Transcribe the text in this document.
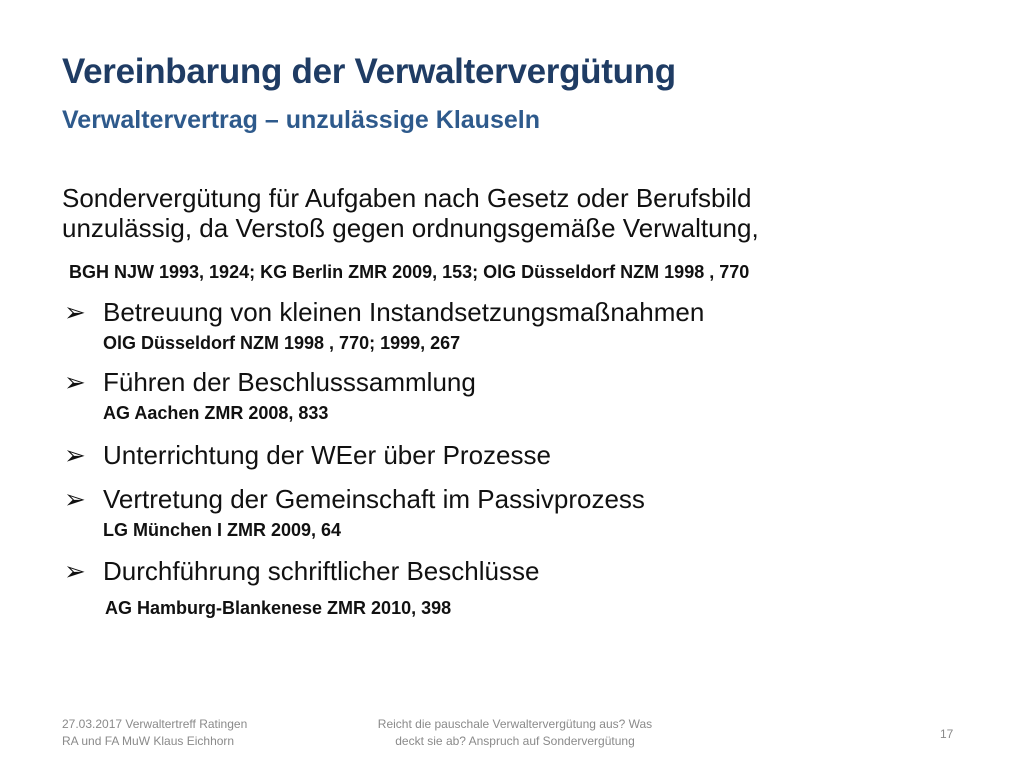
Vereinbarung der Verwaltervergütung
Verwaltervertrag – unzulässige Klauseln
Sondervergütung für Aufgaben nach Gesetz oder Berufsbild
unzulässig, da Verstoß gegen ordnungsgemäße Verwaltung,
BGH NJW 1993, 1924; KG Berlin ZMR 2009, 153; OlG Düsseldorf NZM 1998 , 770
➢ Betreuung von kleinen Instandsetzungsmaßnahmen
OlG Düsseldorf NZM 1998 , 770; 1999, 267
➢ Führen der Beschlusssammlung
AG Aachen ZMR 2008, 833
➢ Unterrichtung der WEer über Prozesse
➢ Vertretung der Gemeinschaft im Passivprozess
LG München I ZMR 2009, 64
➢ Durchführung schriftlicher Beschlüsse
AG Hamburg-Blankenese ZMR 2010, 398
27.03.2017 Verwaltertreff Ratingen
RA und FA MuW Klaus Eichhorn
Reicht die pauschale Verwaltervergütung aus? Was
deckt sie ab? Anspruch auf Sondervergütung	17
